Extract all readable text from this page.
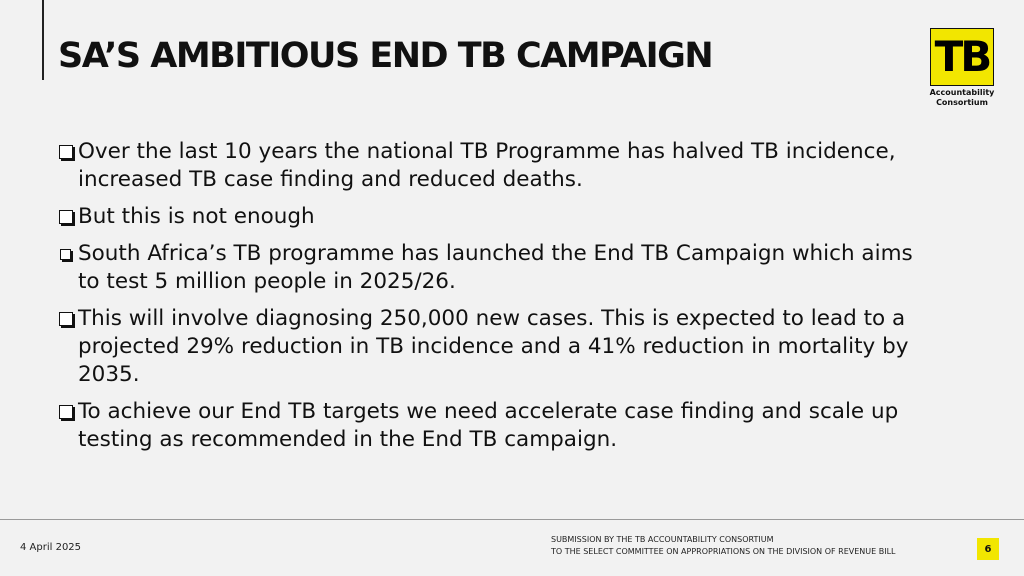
SA’S AMBITIOUS END TB CAMPAIGN	TB
Accountability
Consortium
Over the last 10 years the national TB Programme has halved TB incidence, increased TB case finding and reduced deaths.
But this is not enough
South Africa’s TB programme has launched the End TB Campaign which aims to test 5 million people in 2025/26.
This will involve diagnosing 250,000 new cases. This is expected to lead to a projected 29% reduction in TB incidence and a 41% reduction in mortality by 2035.
To achieve our End TB targets we need accelerate case finding and scale up testing as recommended in the End TB campaign.
4 April 2025
SUBMISSION BY THE TB ACCOUNTABILITY CONSORTIUM
TO THE SELECT COMMITTEE ON APPROPRIATIONS ON THE DIVISION OF REVENUE BILL	6
